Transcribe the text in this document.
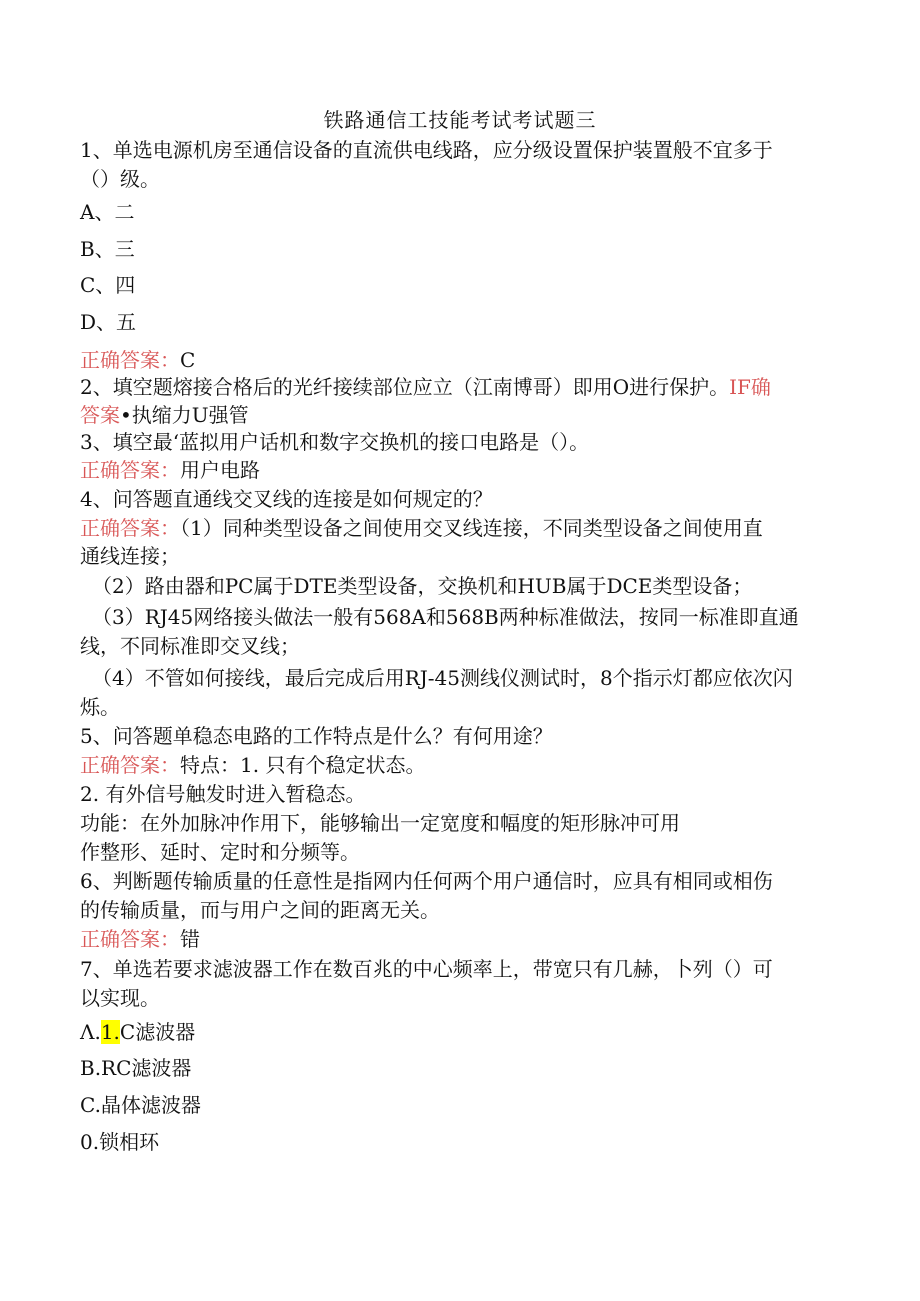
铁路通信工技能考试考试题三
1、单选电源机房至通信设备的直流供电线路，应分级设置保护装置般不宜多于
（）级。
A、二
B、三
C、四
D、五
正确答案：C
2、填空题熔接合格后的光纤接续部位应立（江南博哥）即用O进行保护。IF确
答案•执缩力U强管
3、填空最‘蓝拟用户话机和数字交换机的接口电路是（）。
正确答案：用户电路
4、问答题直通线交叉线的连接是如何规定的？
正确答案：（1）同种类型设备之间使用交叉线连接，不同类型设备之间使用直
通线连接；
（2）路由器和PC属于DTE类型设备，交换机和HUB属于DCE类型设备；
（3）RJ45网络接头做法一般有568A和568B两种标准做法，按同一标准即直通
线，不同标准即交叉线；
（4）不管如何接线，最后完成后用RJ-45测线仪测试时，8个指示灯都应依次闪
烁。
5、问答题单稳态电路的工作特点是什么？有何用途？
正确答案：特点：1. 只有个稳定状态。
2. 有外信号触发时进入暂稳态。
功能：在外加脉冲作用下，能够输出一定宽度和幅度的矩形脉冲可用
作整形、延时、定时和分频等。
6、判断题传输质量的任意性是指网内任何两个用户通信时，应具有相同或相伤
的传输质量，而与用户之间的距离无关。
正确答案：错
7、单选若要求滤波器工作在数百兆的中心频率上，带宽只有几赫，卜列（）可
以实现。
Λ.1.C滤波器
B.RC滤波器
C.晶体滤波器
0.锁相环
